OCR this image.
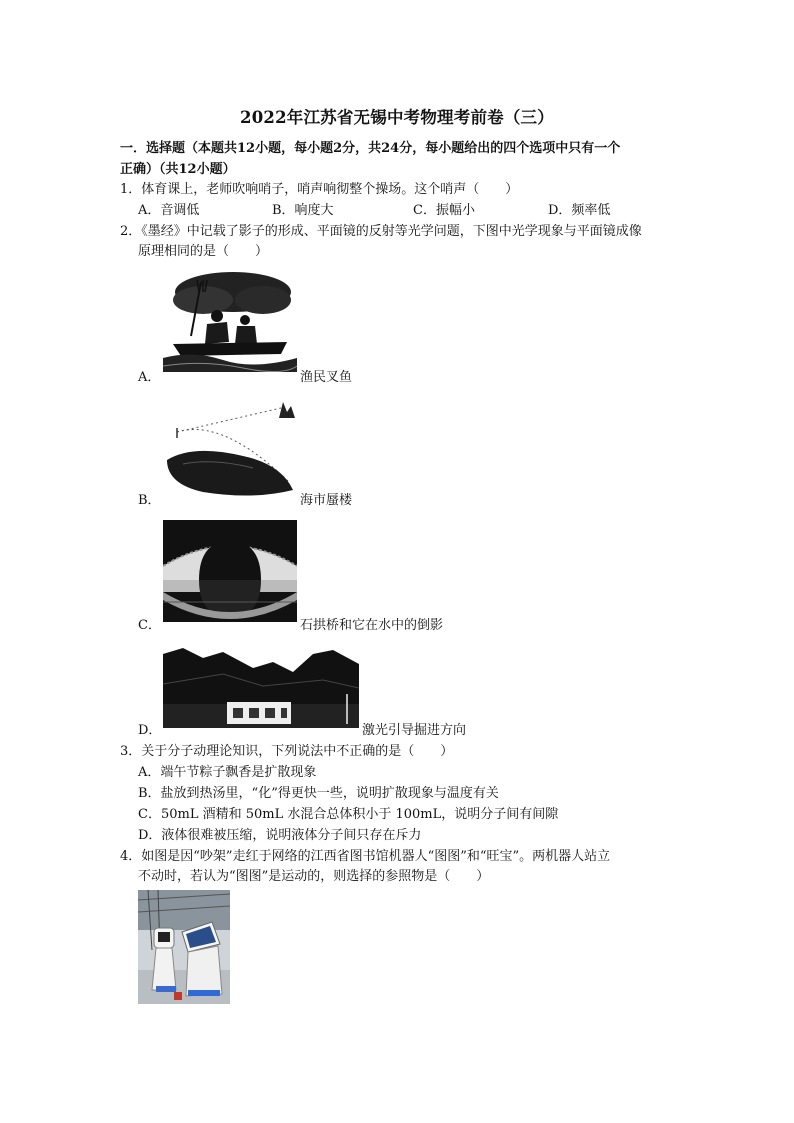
2022年江苏省无锡中考物理考前卷（三）
一．选择题（本题共12小题，每小题2分，共24分，每小题给出的四个选项中只有一个
正确）（共12小题）
1．体育课上，老师吹响哨子，哨声响彻整个操场。这个哨声（　　）
A．音调低	B．响度大	C．振幅小	D．频率低
2．《墨经》中记载了影子的形成、平面镜的反射等光学问题，下图中光学现象与平面镜成像
原理相同的是（　　）
A．	渔民叉鱼
B．	海市蜃楼
C．	石拱桥和它在水中的倒影
D．	激光引导掘进方向
3．关于分子动理论知识，下列说法中不正确的是（　　）
A．端午节粽子飘香是扩散现象
B．盐放到热汤里，“化”得更快一些，说明扩散现象与温度有关
C．50mL 酒精和 50mL 水混合总体积小于 100mL，说明分子间有间隙
D．液体很难被压缩，说明液体分子间只存在斥力
4．如图是因“吵架”走红于网络的江西省图书馆机器人“图图”和“旺宝”。两机器人站立
不动时，若认为“图图”是运动的，则选择的参照物是（　　）
